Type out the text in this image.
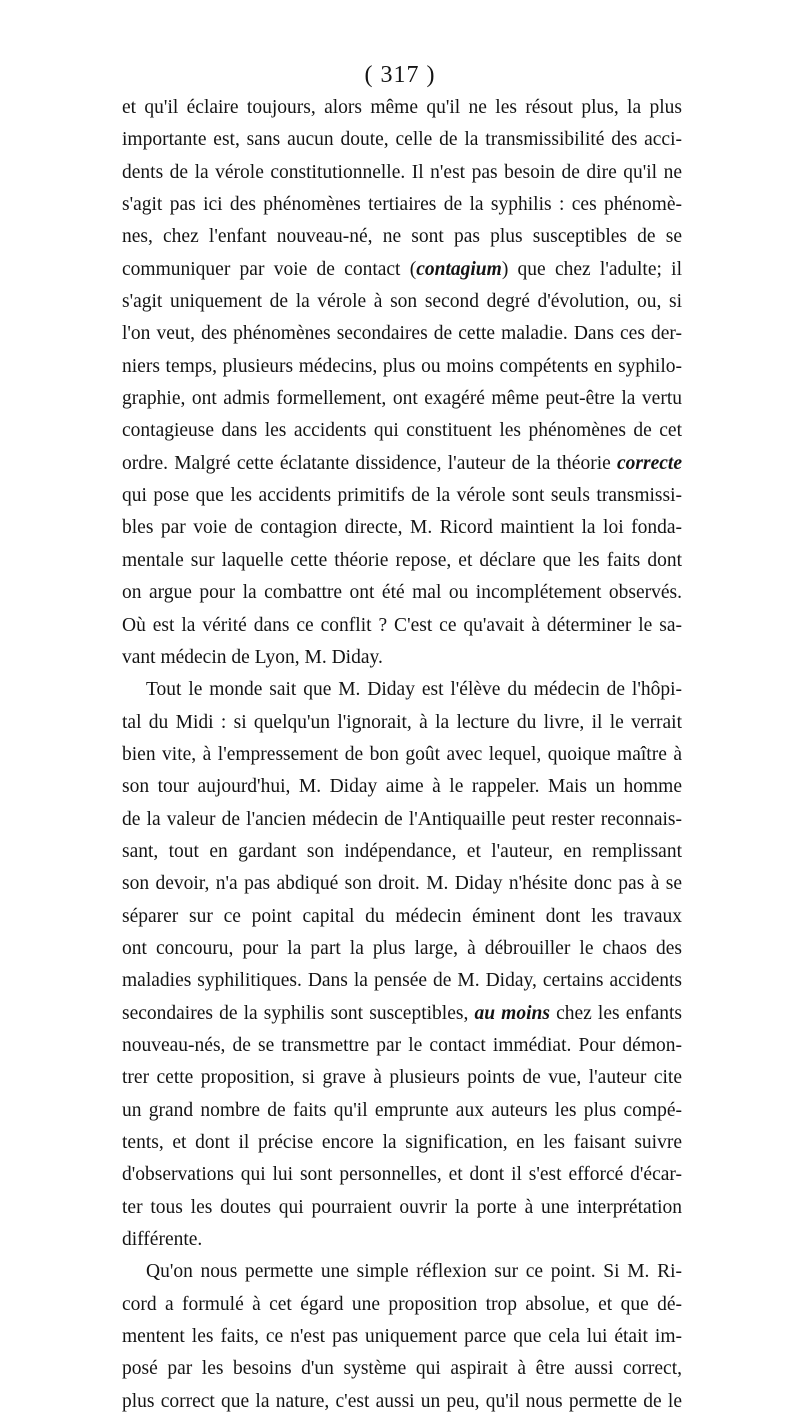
( 317 )
et qu'il éclaire toujours, alors même qu'il ne les résout plus, la plus
importante est, sans aucun doute, celle de la transmissibilité des acci-
dents de la vérole constitutionnelle. Il n'est pas besoin de dire qu'il ne
s'agit pas ici des phénomènes tertiaires de la syphilis : ces phénomè-
nes, chez l'enfant nouveau-né, ne sont pas plus susceptibles de se
communiquer par voie de contact (contagium) que chez l'adulte; il
s'agit uniquement de la vérole à son second degré d'évolution, ou, si
l'on veut, des phénomènes secondaires de cette maladie. Dans ces der-
niers temps, plusieurs médecins, plus ou moins compétents en syphilo-
graphie, ont admis formellement, ont exagéré même peut-être la vertu
contagieuse dans les accidents qui constituent les phénomènes de cet
ordre. Malgré cette éclatante dissidence, l'auteur de la théorie correcte
qui pose que les accidents primitifs de la vérole sont seuls transmissi-
bles par voie de contagion directe, M. Ricord maintient la loi fonda-
mentale sur laquelle cette théorie repose, et déclare que les faits dont
on argue pour la combattre ont été mal ou incomplétement observés.
Où est la vérité dans ce conflit ? C'est ce qu'avait à déterminer le sa-
vant médecin de Lyon, M. Diday.
Tout le monde sait que M. Diday est l'élève du médecin de l'hôpi-
tal du Midi : si quelqu'un l'ignorait, à la lecture du livre, il le verrait
bien vite, à l'empressement de bon goût avec lequel, quoique maître à
son tour aujourd'hui, M. Diday aime à le rappeler. Mais un homme
de la valeur de l'ancien médecin de l'Antiquaille peut rester reconnais-
sant, tout en gardant son indépendance, et l'auteur, en remplissant
son devoir, n'a pas abdiqué son droit. M. Diday n'hésite donc pas à se
séparer sur ce point capital du médecin éminent dont les travaux
ont concouru, pour la part la plus large, à débrouiller le chaos des
maladies syphilitiques. Dans la pensée de M. Diday, certains accidents
secondaires de la syphilis sont susceptibles, au moins chez les enfants
nouveau-nés, de se transmettre par le contact immédiat. Pour démon-
trer cette proposition, si grave à plusieurs points de vue, l'auteur cite
un grand nombre de faits qu'il emprunte aux auteurs les plus compé-
tents, et dont il précise encore la signification, en les faisant suivre
d'observations qui lui sont personnelles, et dont il s'est efforcé d'écar-
ter tous les doutes qui pourraient ouvrir la porte à une interprétation
différente.
Qu'on nous permette une simple réflexion sur ce point. Si M. Ri-
cord a formulé à cet égard une proposition trop absolue, et que dé-
mentent les faits, ce n'est pas uniquement parce que cela lui était im-
posé par les besoins d'un système qui aspirait à être aussi correct,
plus correct que la nature, c'est aussi un peu, qu'il nous permette de le
